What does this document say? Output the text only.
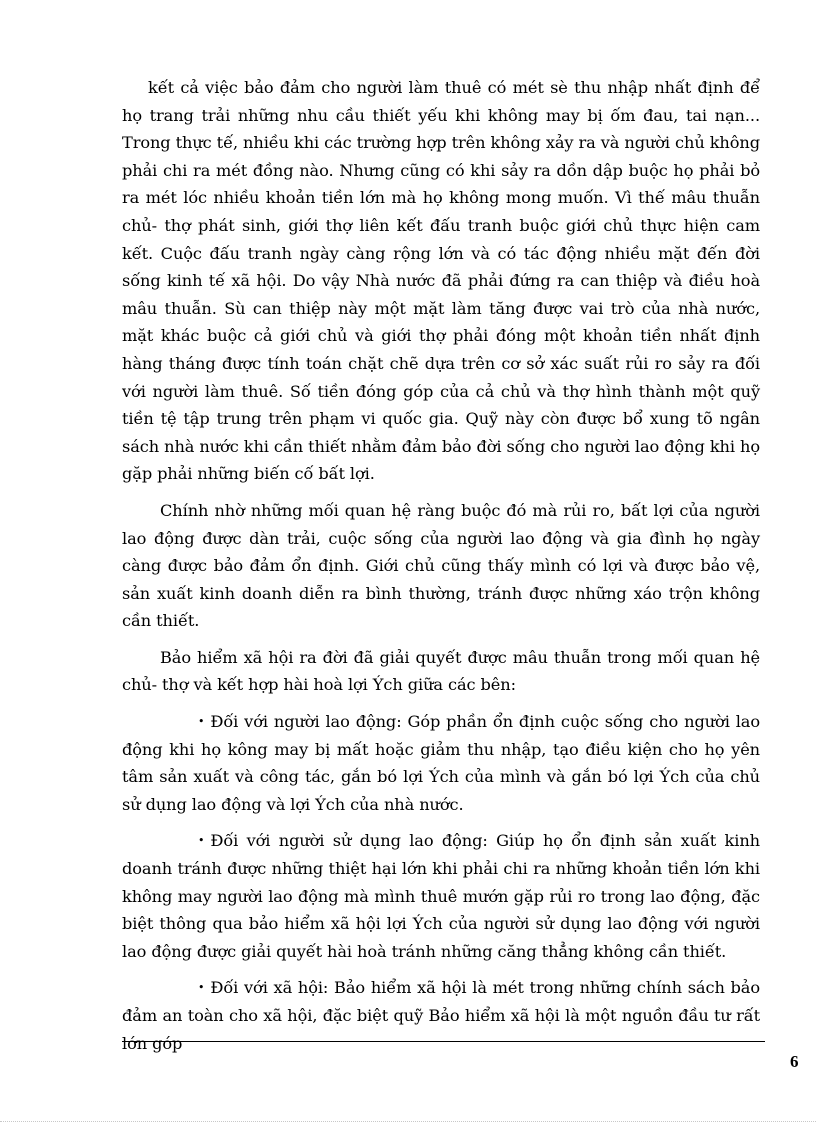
kết cả việc bảo đảm cho người làm thuê có mét sè thu nhập nhất định để họ trang trải những nhu cầu thiết yếu khi không may bị ốm đau, tai nạn... Trong thực tế, nhiều khi các trường hợp trên không xảy ra và người chủ không phải chi ra mét đồng nào. Nhưng cũng có khi sảy ra dồn dập buộc họ phải bỏ ra mét lóc nhiều khoản tiền lớn mà họ không mong muốn. Vì thế mâu thuẫn chủ- thợ phát sinh, giới thợ liên kết đấu tranh buộc giới chủ thực hiện cam kết. Cuộc đấu tranh ngày càng rộng lớn và có tác động nhiều mặt đến đời sống kinh tế xã hội. Do vậy Nhà nước đã phải đứng ra can thiệp và điều hoà mâu thuẫn. Sù can thiệp này một mặt làm tăng được vai trò của nhà nước, mặt khác buộc cả giới chủ và giới thợ phải đóng một khoản tiền nhất định hàng tháng được tính toán chặt chẽ dựa trên cơ sở xác suất rủi ro sảy ra đối với người làm thuê. Số tiền đóng góp của cả chủ và thợ hình thành một quỹ tiền tệ tập trung trên phạm vi quốc gia. Quỹ này còn được bổ xung tõ ngân sách nhà nước khi cần thiết nhằm đảm bảo đời sống cho người lao động khi họ gặp phải những biến cố bất lợi.

Chính nhờ những mối quan hệ ràng buộc đó mà rủi ro, bất lợi của người lao động được dàn trải, cuộc sống của người lao động và gia đình họ ngày càng được bảo đảm ổn định. Giới chủ cũng thấy mình có lợi và được bảo vệ, sản xuất kinh doanh diễn ra bình thường, tránh được những xáo trộn không cần thiết.

Bảo hiểm xã hội ra đời đã giải quyết được mâu thuẫn trong mối quan hệ chủ- thợ và kết hợp hài hoà lợi Ých giữa các bên:

• Đối với người lao động: Góp phần ổn định cuộc sống cho người lao động khi họ kông may bị mất hoặc giảm thu nhập, tạo điều kiện cho họ yên tâm sản xuất và công tác, gắn bó lợi Ých của mình và gắn bó lợi Ých của chủ sử dụng lao động và lợi Ých của nhà nước.

• Đối với người sử dụng lao động: Giúp họ ổn định sản xuất kinh doanh tránh được những thiệt hại lớn khi phải chi ra những khoản tiền lớn khi không may người lao động mà mình thuê mướn gặp rủi ro trong lao động, đặc biệt thông qua bảo hiểm xã hội lợi Ých của người sử dụng lao động với người lao động được giải quyết hài hoà tránh những căng thẳng không cần thiết.

• Đối với xã hội: Bảo hiểm xã hội là mét trong những chính sách bảo đảm an toàn cho xã hội, đặc biệt quỹ Bảo hiểm xã hội là một nguồn đầu tư rất lớn góp

6
